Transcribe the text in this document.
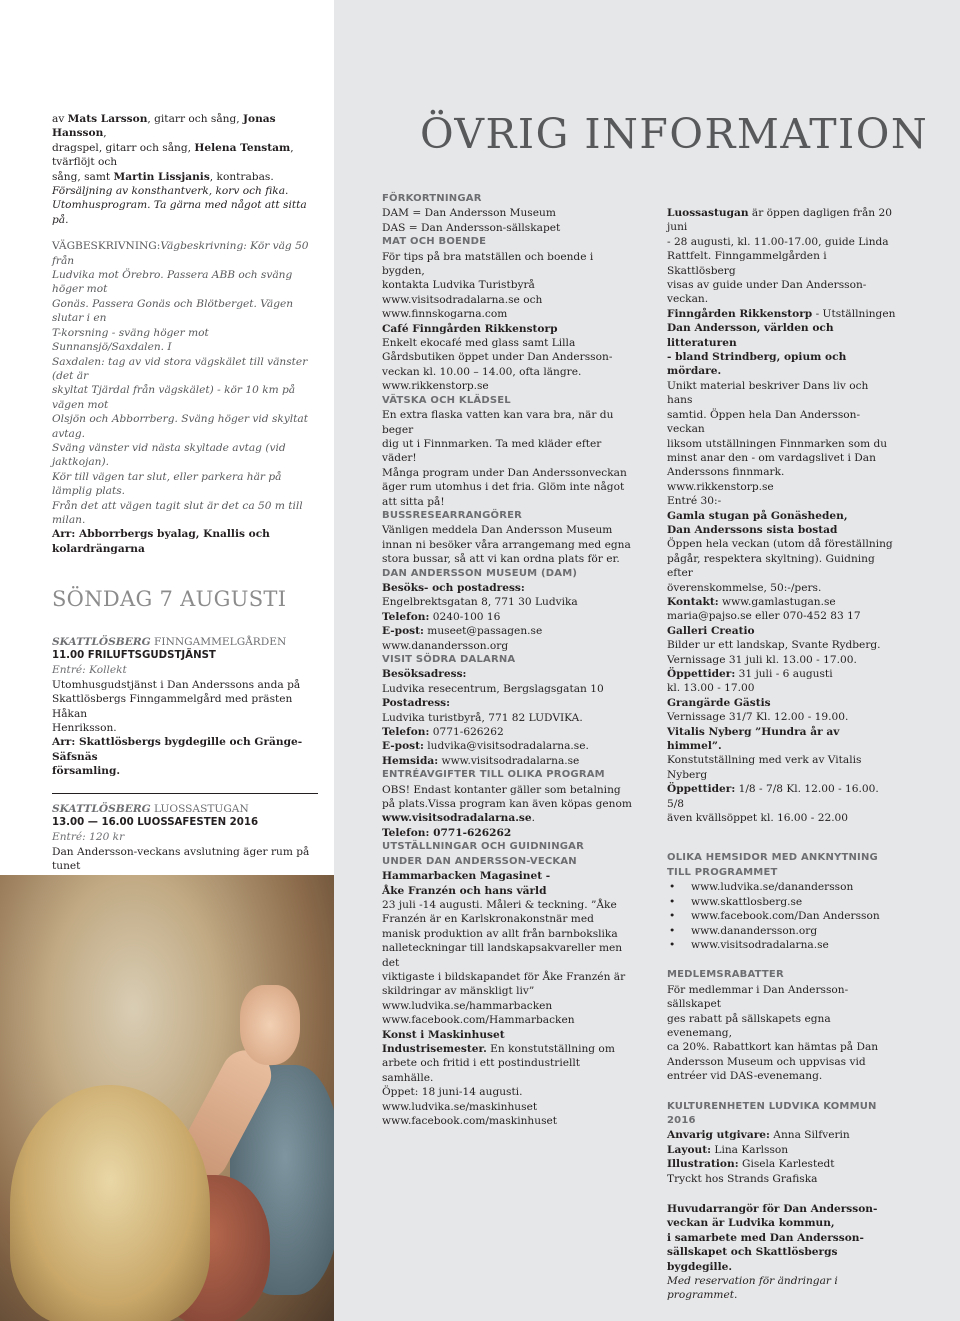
av Mats Larsson, gitarr och sång, Jonas Hansson,

dragspel, gitarr och sång, Helena Tenstam, tvärflöjt och

sång, samt Martin Lissjanis, kontrabas.

Försäljning av konsthantverk, korv och fika.

Utomhusprogram. Ta gärna med något att sitta på.

VÄGBESKRIVNING:Vägbeskrivning: Kör väg 50 från

Ludvika mot Örebro. Passera ABB och sväng höger mot

Gonäs. Passera Gonäs och Blötberget. Vägen slutar i en

T-korsning - sväng höger mot Sunnansjö/Saxdalen. I

Saxdalen: tag av vid stora vägskälet till vänster (det är

skyltat Tjärdal från vägskälet) - kör 10 km på vägen mot

Olsjön och Abborrberg. Sväng höger vid skyltat avtag.

Sväng vänster vid nästa skyltade avtag (vid jaktkojan).

Kör till vägen tar slut, eller parkera här på lämplig plats.

Från det att vägen tagit slut är det ca 50 m till milan.

Arr: Abborrbergs byalag, Knallis och kolardrängarna

SÖNDAG 7 AUGUSTI

SKATTLÖSBERG FINNGAMMELGÅRDEN

11.00 FRILUFTSGUDSTJÄNST

Entré: Kollekt

Utomhusgudstjänst i Dan Anderssons anda på

Skattlösbergs Finngammelgård med prästen Håkan

Henriksson.

Arr: Skattlösbergs bygdegille och Gränge-Säfsnäs

församling.

SKATTLÖSBERG LUOSSASTUGAN

13.00 — 16.00 LUOSSAFESTEN 2016

Entré: 120 kr

Dan Andersson-veckans avslutning äger rum på tunet

ÖVRIG INFORMATION

FÖRKORTNINGAR

DAM = Dan Andersson Museum

DAS = Dan Andersson-sällskapet

MAT OCH BOENDE

För tips på bra matställen och boende i bygden,

kontakta Ludvika Turistbyrå

www.visitsodradalarna.se och

www.finnskogarna.com

Café Finngården Rikkenstorp

Enkelt ekocafé med glass samt Lilla

Gårdsbutiken öppet under Dan Andersson-

veckan kl. 10.00 – 14.00, ofta längre.

www.rikkenstorp.se

VÄTSKA OCH KLÄDSEL

En extra flaska vatten kan vara bra, när du beger

dig ut i Finnmarken. Ta med kläder efter väder!

Många program under Dan Anderssonveckan

äger rum utomhus i det fria. Glöm inte något

att sitta på!

BUSSRESEARRANGÖRER

Vänligen meddela Dan Andersson Museum

innan ni besöker våra arrangemang med egna

stora bussar, så att vi kan ordna plats för er.

DAN ANDERSSON MUSEUM (DAM)

Besöks- och postadress:

Engelbrektsgatan 8, 771 30 Ludvika

Telefon: 0240-100 16

E-post: museet@passagen.se

www.danandersson.org

VISIT SÖDRA DALARNA

Besöksadress:

Ludvika resecentrum, Bergslagsgatan 10

Postadress:

Ludvika turistbyrå, 771 82 LUDVIKA.

Telefon: 0771-626262

E-post: ludvika@visitsodradalarna.se.

Hemsida: www.visitsodradalarna.se

ENTRÉAVGIFTER TILL OLIKA PROGRAM

OBS! Endast kontanter gäller som betalning

på plats.Vissa program kan även köpas genom

www.visitsodradalarna.se.

Telefon: 0771-626262

UTSTÄLLNINGAR OCH GUIDNINGAR

UNDER DAN ANDERSSON-VECKAN

Hammarbacken Magasinet -

Åke Franzén och hans värld

23 juli -14 augusti. Måleri & teckning. ”Åke

Franzén är en Karlskronakonstnär med

manisk produktion av allt från barnbokslika

nalleteckningar till landskapsakvareller men det

viktigaste i bildskapandet för Åke Franzén är

skildringar av mänskligt liv”

www.ludvika.se/hammarbacken

www.facebook.com/Hammarbacken

Konst i Maskinhuset

Industrisemester. En konstutställning om

arbete och fritid i ett postindustriellt samhälle.

Öppet: 18 juni-14 augusti.

www.ludvika.se/maskinhuset

www.facebook.com/maskinhuset

Luossastugan är öppen dagligen från 20 juni

- 28 augusti, kl. 11.00-17.00, guide Linda

Rattfelt. Finngammelgården i Skattlösberg

visas av guide under Dan Andersson-veckan.

Finngården Rikkenstorp - Utställningen

Dan Andersson, världen och litteraturen

- bland Strindberg, opium och mördare.

Unikt material beskriver Dans liv och hans

samtid. Öppen hela Dan Andersson-veckan

liksom utställningen Finnmarken som du

minst anar den - om vardagslivet i Dan

Anderssons finnmark.

www.rikkenstorp.se

Entré 30:-

Gamla stugan på Gonäsheden,

Dan Anderssons sista bostad

Öppen hela veckan (utom då föreställning

pågår, respektera skyltning). Guidning efter

överenskommelse, 50:-/pers.

Kontakt: www.gamlastugan.se

maria@pajso.se eller 070-452 83 17

Galleri Creatio

Bilder ur ett landskap, Svante Rydberg.

Vernissage 31 juli kl. 13.00 - 17.00.

Öppettider: 31 juli - 6 augusti

kl. 13.00 - 17.00

Grangärde Gästis

Vernissage 31/7 Kl. 12.00 - 19.00.

Vitalis Nyberg ”Hundra år av himmel”.

Konstutställning med verk av Vitalis Nyberg

Öppettider: 1/8 - 7/8 Kl. 12.00 - 16.00. 5/8

även kvällsöppet kl. 16.00 - 22.00

OLIKA HEMSIDOR MED ANKNYTNING

TILL PROGRAMMET

• www.ludvika.se/danandersson
• www.skattlosberg.se
• www.facebook.com/Dan Andersson
• www.danandersson.org
• www.visitsodradalarna.se

MEDLEMSRABATTER

För medlemmar i Dan Andersson-sällskapet

ges rabatt på sällskapets egna evenemang,

ca 20%. Rabattkort kan hämtas på Dan

Andersson Museum och uppvisas vid

entréer vid DAS-evenemang.

KULTURENHETEN LUDVIKA KOMMUN

2016

Anvarig utgivare: Anna Silfverin

Layout: Lina Karlsson

Illustration: Gisela Karlestedt

Tryckt hos Strands Grafiska

Huvudarrangör för Dan Andersson-

veckan är Ludvika kommun,

i samarbete med Dan Andersson-

sällskapet och Skattlösbergs bygdegille.

Med reservation för ändringar i programmet.
